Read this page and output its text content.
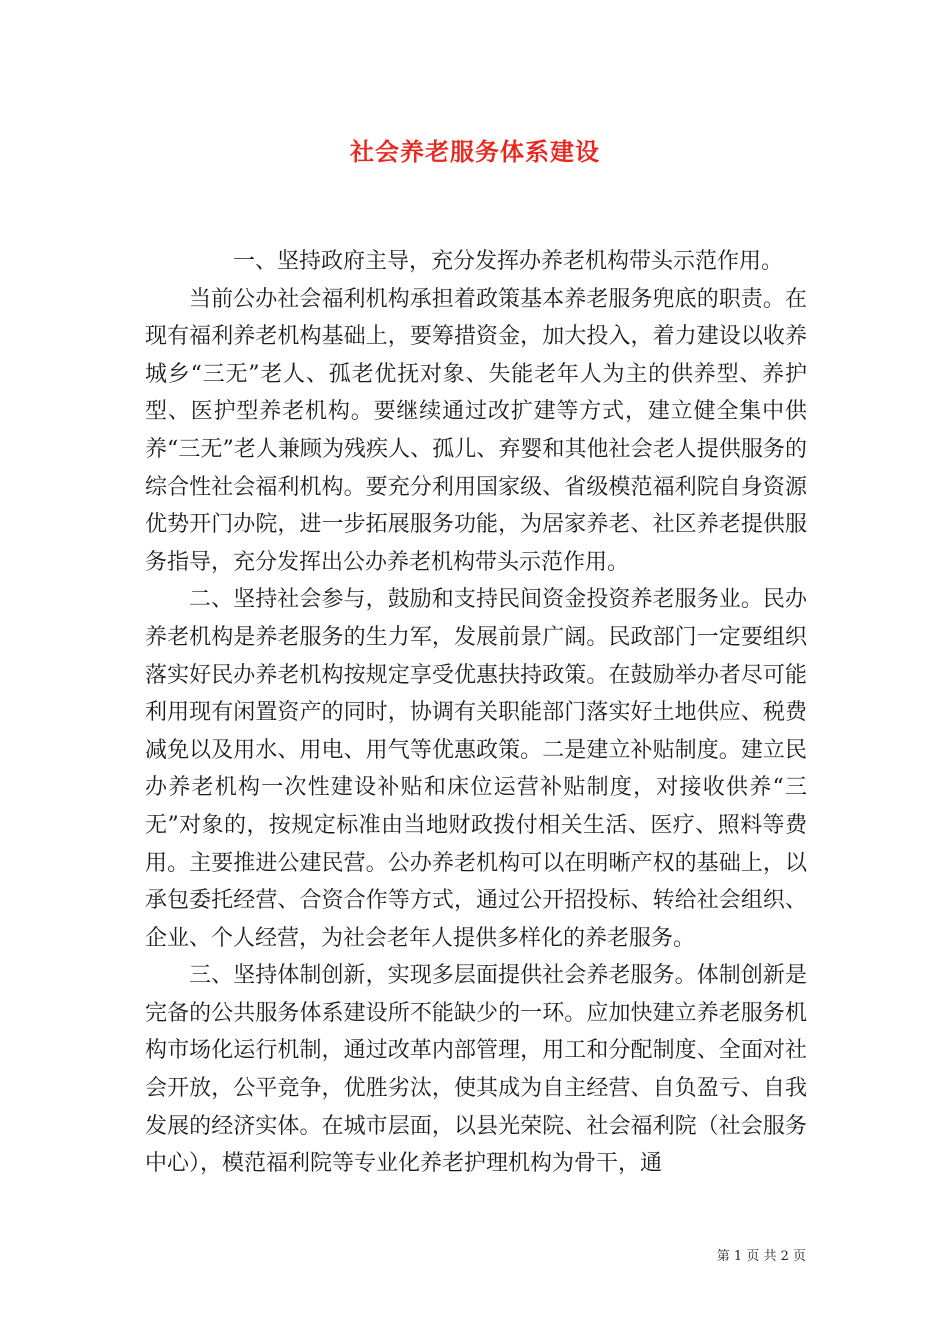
社会养老服务体系建设

一、坚持政府主导，充分发挥办养老机构带头示范作用。

当前公办社会福利机构承担着政策基本养老服务兜底的职责。在现有福利养老机构基础上，要筹措资金，加大投入，着力建设以收养城乡“三无”老人、孤老优抚对象、失能老年人为主的供养型、养护型、医护型养老机构。要继续通过改扩建等方式，建立健全集中供养“三无”老人兼顾为残疾人、孤儿、弃婴和其他社会老人提供服务的综合性社会福利机构。要充分利用国家级、省级模范福利院自身资源优势开门办院，进一步拓展服务功能，为居家养老、社区养老提供服务指导，充分发挥出公办养老机构带头示范作用。

二、坚持社会参与，鼓励和支持民间资金投资养老服务业。民办养老机构是养老服务的生力军，发展前景广阔。民政部门一定要组织落实好民办养老机构按规定享受优惠扶持政策。在鼓励举办者尽可能利用现有闲置资产的同时，协调有关职能部门落实好土地供应、税费减免以及用水、用电、用气等优惠政策。二是建立补贴制度。建立民办养老机构一次性建设补贴和床位运营补贴制度，对接收供养“三无”对象的，按规定标准由当地财政拨付相关生活、医疗、照料等费用。主要推进公建民营。公办养老机构可以在明晰产权的基础上，以承包委托经营、合资合作等方式，通过公开招投标、转给社会组织、企业、个人经营，为社会老年人提供多样化的养老服务。

三、坚持体制创新，实现多层面提供社会养老服务。体制创新是完备的公共服务体系建设所不能缺少的一环。应加快建立养老服务机构市场化运行机制，通过改革内部管理，用工和分配制度、全面对社会开放，公平竞争，优胜劣汰，使其成为自主经营、自负盈亏、自我发展的经济实体。在城市层面，以县光荣院、社会福利院（社会服务中心），模范福利院等专业化养老护理机构为骨干，通

第 1 页 共 2 页
